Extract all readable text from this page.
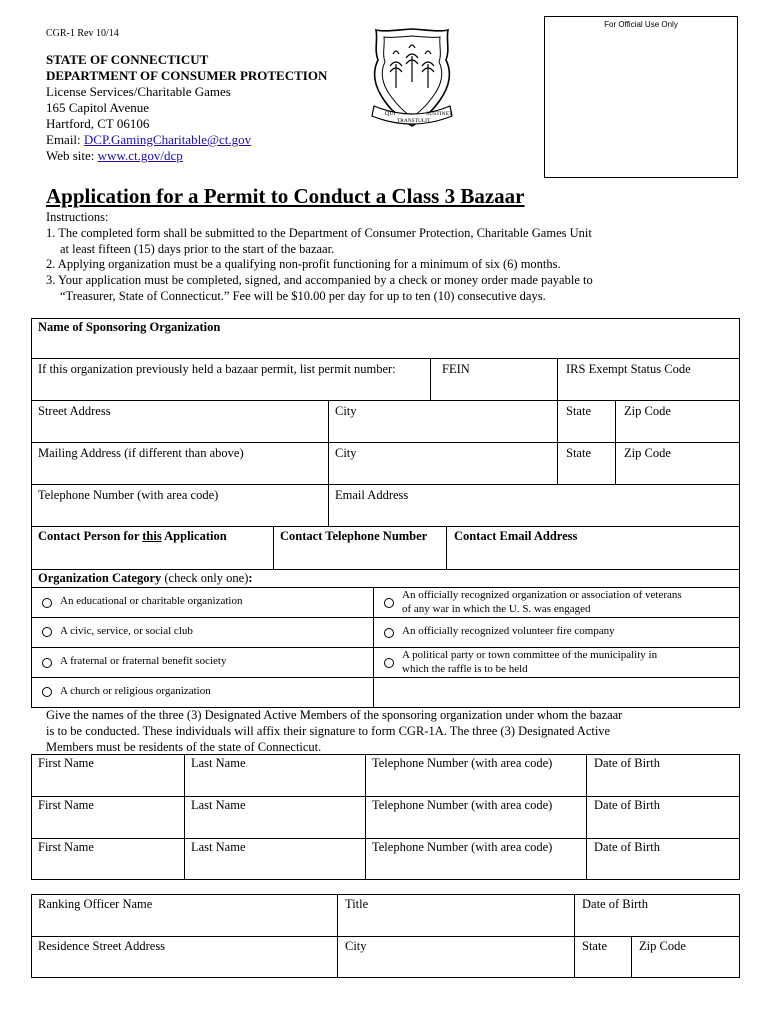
CGR-1 Rev 10/14
STATE OF CONNECTICUT
DEPARTMENT OF CONSUMER PROTECTION
License Services/Charitable Games
165 Capitol Avenue
Hartford, CT 06106
Email: DCP.GamingCharitable@ct.gov
Web site: www.ct.gov/dcp
QUI
TRANSTULIT
SUSTINET
For Official Use Only
Application for a Permit to Conduct a Class 3 Bazaar
Instructions:
1. The completed form shall be submitted to the Department of Consumer Protection, Charitable Games Unit
at least fifteen (15) days prior to the start of the bazaar.
2. Applying organization must be a qualifying non-profit functioning for a minimum of six (6) months.
3. Your application must be completed, signed, and accompanied by a check or money order made payable to
“Treasurer, State of Connecticut.” Fee will be $10.00 per day for up to ten (10) consecutive days.
Name of Sponsoring Organization
If this organization previously held a bazaar permit, list permit number:	FEIN	IRS Exempt Status Code
Street Address	City	State	Zip Code
Mailing Address (if different than above)	City	State	Zip Code
Telephone Number (with area code)	Email Address
Contact Person for this Application	Contact Telephone Number Contact Email Address
Organization Category (check only one):
An educational or charitable organization	An officially recognized organization or association of veterans
of any war in which the U. S. was engaged
A civic, service, or social club	An officially recognized volunteer fire company
A fraternal or fraternal benefit society	A political party or town committee of the municipality in
which the raffle is to be held
A church or religious organization
Give the names of the three (3) Designated Active Members of the sponsoring organization under whom the bazaar
is to be conducted. These individuals will affix their signature to form CGR-1A. The three (3) Designated Active
Members must be residents of the state of Connecticut.
First Name	Last Name	Telephone Number (with area code)	Date of Birth
First Name	Last Name	Telephone Number (with area code)	Date of Birth
First Name	Last Name	Telephone Number (with area code)	Date of Birth
Ranking Officer Name	Title	Date of Birth
Residence Street Address	City	State	Zip Code
